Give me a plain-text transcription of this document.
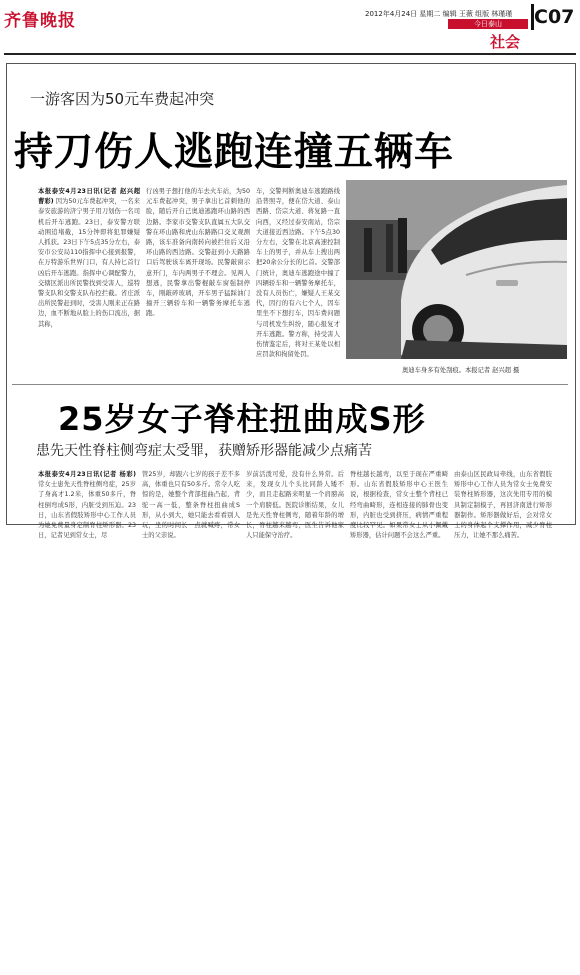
齐鲁晚报	2012年4月24日 星期二 编辑 王薇 组版 林瑾瑾 C07
今日泰山
社会
一游客因为50元车费起冲突
持刀伤人逃跑连撞五辆车
本报泰安4月23日讯(记者 赵兴超 曹彩) 因为50元车费起冲突，一名来泰安旅游的济宁男子用刀划伤一名司机后开车逃跑。23日，泰安警方联动围追堵截，15分钟即将犯罪嫌疑人抓获。23日下午5点35分左右，泰安市公安局110指挥中心接到报警，在万特游乐世界门口，有人持匕首行凶后开车逃跑。指挥中心调配警力，交辖区派出所民警找到受害人，巡特警支队和交警支队布控拦截。省庄派出所民警赶到时，受害人刚来正在路边，血不断地从脸上的伤口流出，据其称，
行凶男子想打他的车去火车站，为50元车费起冲突，男子拿出匕首刺他的脸，随后开自己奥迪逃跑环山路的西边路。李家市交警支队直属五大队交警在环山路和虎山东路路口交叉观测路，该车准备向南转向被拦住后又沿环山路的西边路。交警赶到小天路路口后驾驶该车离开现场。民警敲窗示意开门，车内两男子不理会。见两人想逃，民警拿出警棍敲车窗强制停车，刚敲碎玻璃，开车男子猛踩油门撞开三辆轿车和一辆警务摩托车逃跑。
车，交警判断奥迪车逃跑路线沿普照寺，便在岱大道、泰山西路、岱宗大道、蒋复路一直向西，又经过泰安南站，岱宗大道接近西边路。下午5点30分左右，交警在北京高速控制车上的男子，并从车上搜出两把20余公分长的匕首。交警部门统计，奥迪车逃跑途中撞了四辆轿车和一辆警务摩托车，没有人员伤亡，嫌疑人王某交代，因行的有六七个人，因车里坐不下想打车，因车费问题与司机发生纠纷，随心报复才开车逃跑。警方称，持受害人伤情鉴定后，将对王某处以相应罚款和拘留处罚。
奥迪车身多有处刮痕。本报记者 赵兴超 摄
25岁女子脊柱扭曲成S形
患先天性脊柱侧弯症太受罪，获赠矫形器能减少点痛苦
本报泰安4月23日讯(记者 杨彩) 常女士患先天性脊柱侧弯症，25岁了身高才1.2米，体重50多斤，脊柱倒弯成S形，内脏受到压迫。23日，山东省假肢矫形中心工作人员为她免费量身定制脊柱矫形器。23日，记者见到常女士，尽
管25岁，却跟六七岁的孩子差不多高，体重也只有50多斤。常令人吃惊的是，她整个背部扭曲凸起，背驼一高一低，整条脊柱扭曲成S形，从小到大，她只能去看看别人玩，坐的时间长一点就喊疼，常女士的父亲说。
岁前活泼可爱，没有什么异常。后来，发现女儿个头比同龄人矮不少，而且走起路来明显一个肩膀高一个肩膀低。医院诊断结果，女儿是先天性脊柱侧弯，随着年龄的增长，脊柱越来越弯，医生告诉他家人只能保守治疗。
脊柱越长越弯，以至于现在严重畸形。山东省假肢矫形中心王医生说，根据检查，常女士整个背柱已经弯曲畸形，连相连接的肺骨也变形，内脏也受到挤压，病情严重程度比较罕见。如果常女士从小佩戴矫形器，估计问题不会这么严重。
由泰山区民政局牵线，山东省假肢矫形中心工作人员为常女士免费安装脊柱矫形器，这次先用专用的模具制定制模子，再回济南进行矫形器制作。矫形器做好后，会对常女士的身体起个支撑作用，减少脊柱压力，让她不那么痛苦。
